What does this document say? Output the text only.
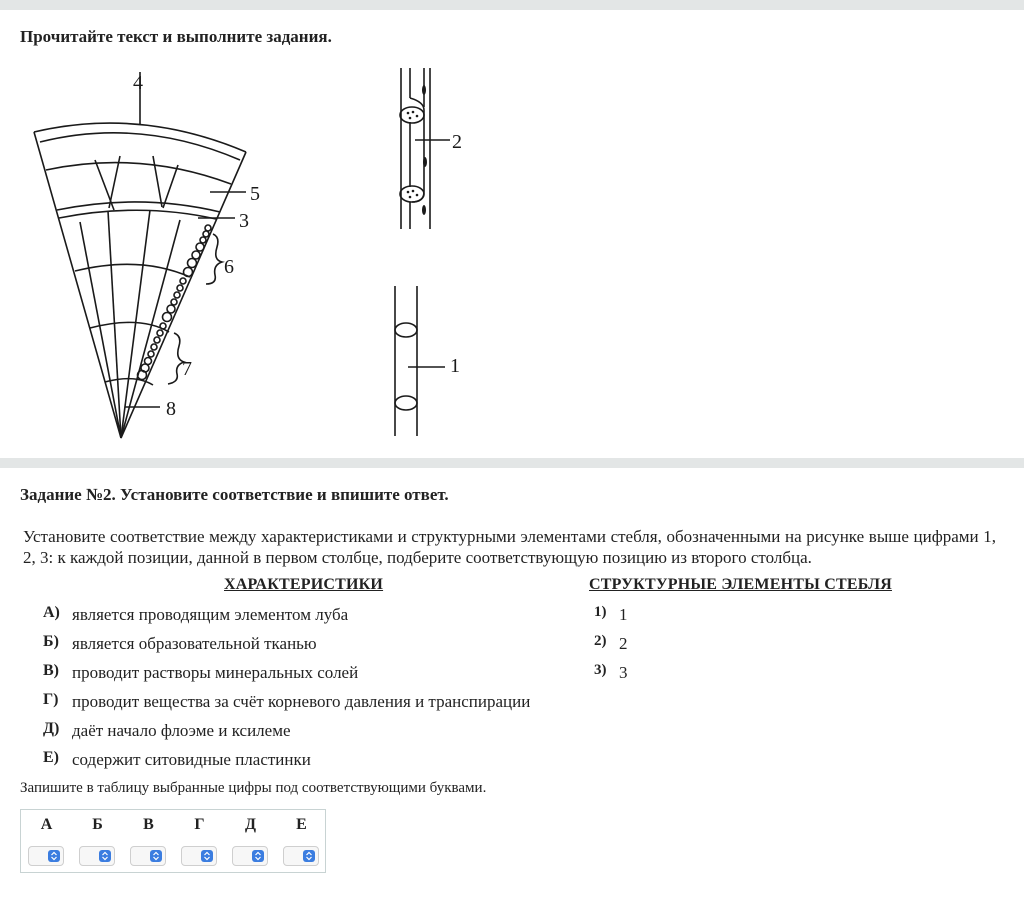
Прочитайте текст и выполните задания.
4
5
3
6
7
8
2
1
Задание №2. Установите соответствие и впишите ответ.
Установите соответствие между характеристиками и структурными элементами стебля, обозначенными на рисунке выше цифрами 1, 2, 3: к каждой позиции, данной в первом столбце, подберите соответствующую позицию из второго столбца.
ХАРАКТЕРИСТИКИ	СТРУКТУРНЫЕ ЭЛЕМЕНТЫ СТЕБЛЯ
А) является проводящим элементом луба
Б) является образовательной тканью
В) проводит растворы минеральных солей
Г) проводит вещества за счёт корневого давления и транспирации
Д) даёт начало флоэме и ксилеме
Е) содержит ситовидные пластинки
1) 1
2) 2
3) 3
Запишите в таблицу выбранные цифры под соответствующими буквами.
А	Б	В	Г	Д	Е
